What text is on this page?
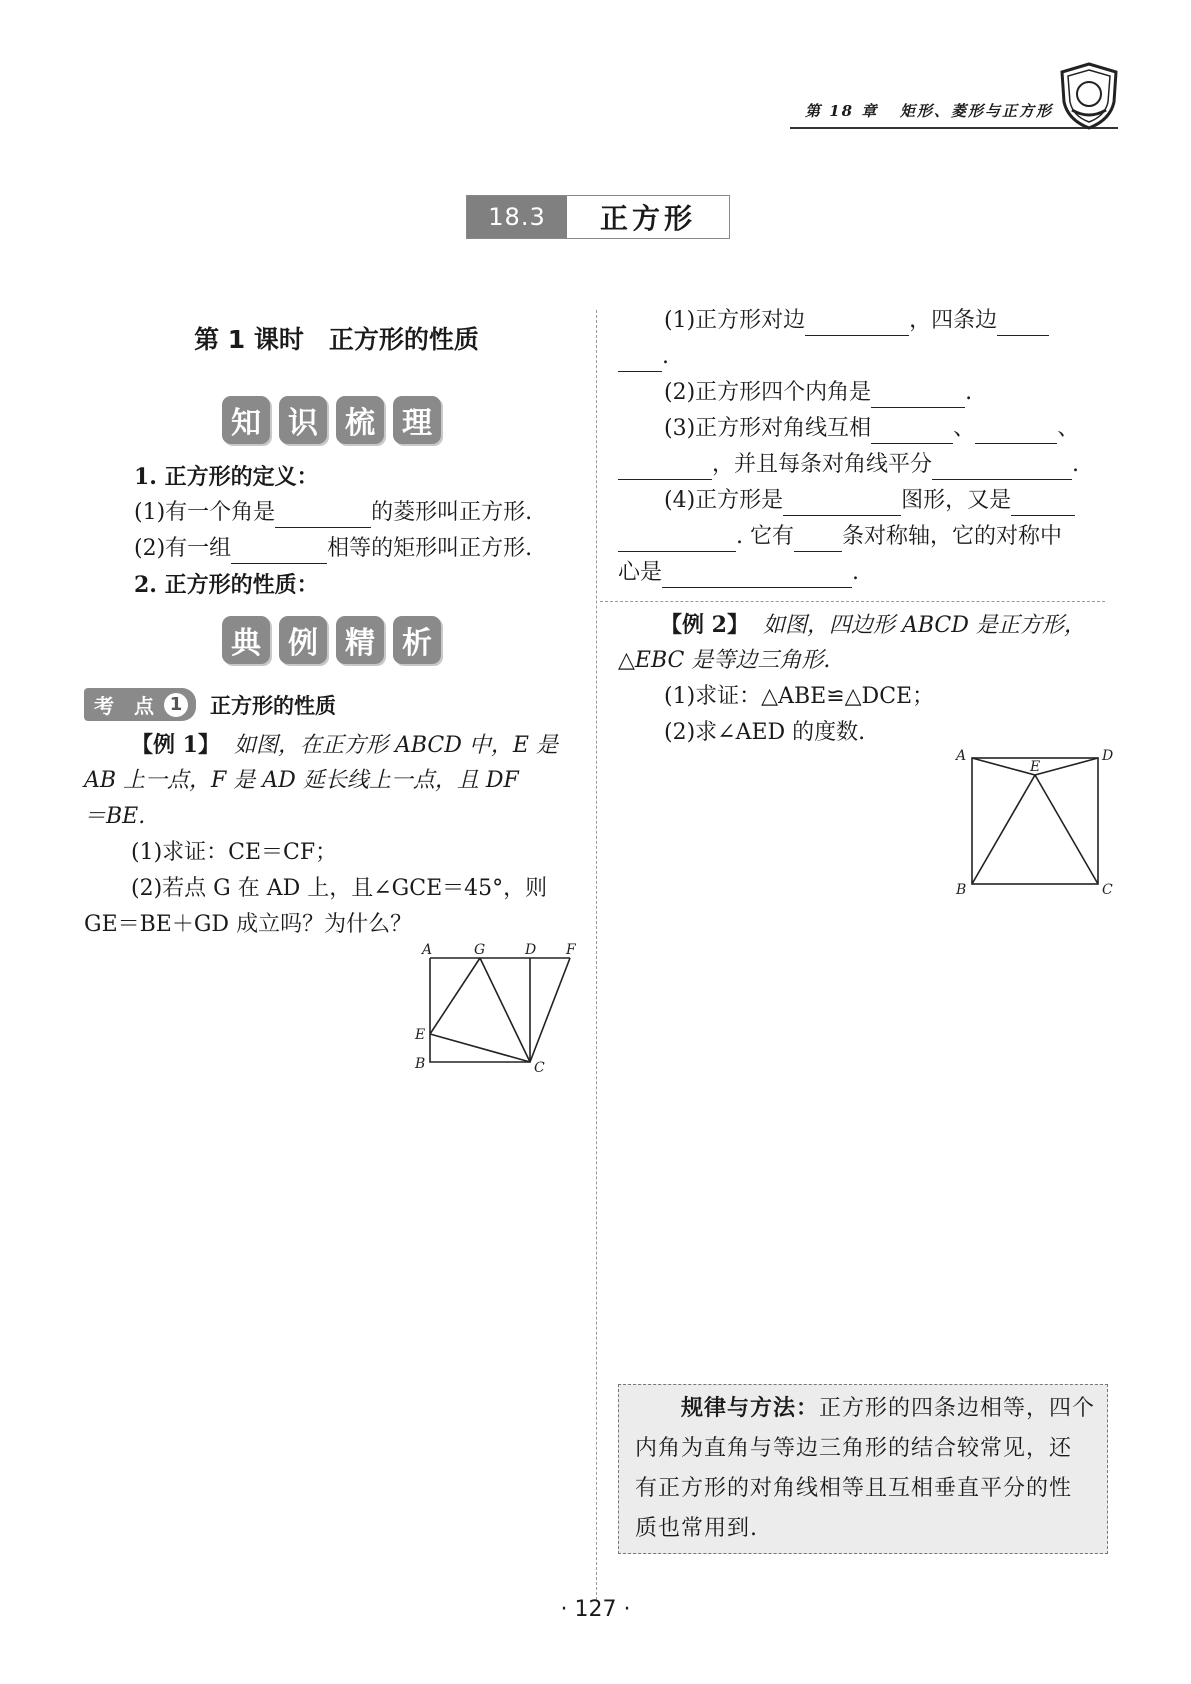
第 18 章 矩形、菱形与正方形
18.3	正方形
第 1 课时　正方形的性质
知 识 梳 理
1. 正方形的定义：
(1)有一个角是	的菱形叫正方形.
(2)有一组	相等的矩形叫正方形.
2. 正方形的性质：
典 例 精 析
考　点 1 正方形的性质
【例 1】 如图，在正方形 ABCD 中，E 是
AB 上一点，F 是 AD 延长线上一点，且 DF
＝BE.
(1)求证：CE＝CF；
(2)若点 G 在 AD 上，且∠GCE＝45°，则
GE＝BE＋GD 成立吗？为什么？
A	G	D F
E
B	C
(1)正方形对边	，四条边
.
(2)正方形四个内角是	.
(3)正方形对角线互相	、	、
，并且每条对角线平分	.
(4)正方形是	图形，又是
. 它有 条对称轴，它的对称中
心是	.
【例 2】 如图，四边形 ABCD 是正方形，
△EBC 是等边三角形.
(1)求证：△ABE≌△DCE；
(2)求∠AED 的度数.
A
E
D
B	C

规律与方法：正方形的四条边相等，四个

内角为直角与等边三角形的结合较常见，还

有正方形的对角线相等且互相垂直平分的性

质也常用到.

· 127 ·
